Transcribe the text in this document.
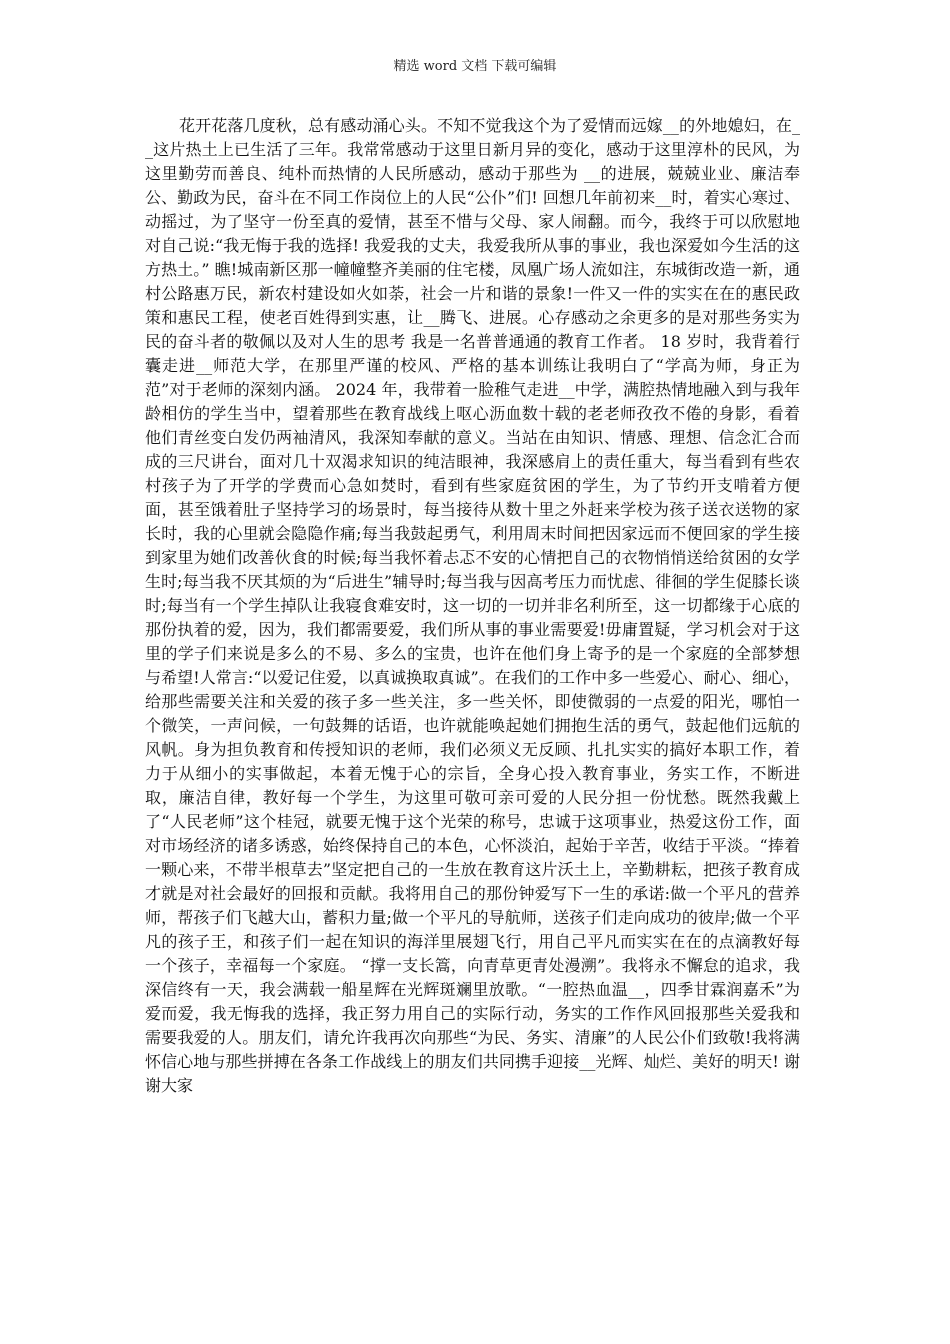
精选 word 文档 下载可编辑

花开花落几度秋，总有感动涌心头。不知不觉我这个为了爱情而远嫁__的外地媳妇，在__这片热土上已生活了三年。我常常感动于这里日新月异的变化，感动于这里淳朴的民风，为这里勤劳而善良、纯朴而热情的人民所感动，感动于那些为 __的进展，兢兢业业、廉洁奉公、勤政为民，奋斗在不同工作岗位上的人民“公仆”们! 回想几年前初来__时，着实心寒过、动摇过，为了坚守一份至真的爱情，甚至不惜与父母、家人闹翻。而今，我终于可以欣慰地对自己说:“我无悔于我的选择! 我爱我的丈夫，我爱我所从事的事业，我也深爱如今生活的这方热土。” 瞧!城南新区那一幢幢整齐美丽的住宅楼，凤凰广场人流如注，东城街改造一新，通村公路惠万民，新农村建设如火如荼，社会一片和谐的景象!一件又一件的实实在在的惠民政策和惠民工程，使老百姓得到实惠，让__腾飞、进展。心存感动之余更多的是对那些务实为民的奋斗者的敬佩以及对人生的思考 我是一名普普通通的教育工作者。 18 岁时，我背着行囊走进__师范大学，在那里严谨的校风、严格的基本训练让我明白了“学高为师，身正为范”对于老师的深刻内涵。 2024 年，我带着一脸稚气走进__中学，满腔热情地融入到与我年龄相仿的学生当中，望着那些在教育战线上呕心沥血数十载的老老师孜孜不倦的身影，看着他们青丝变白发仍两袖清风，我深知奉献的意义。当站在由知识、情感、理想、信念汇合而成的三尺讲台，面对几十双渴求知识的纯洁眼神，我深感肩上的责任重大，每当看到有些农村孩子为了开学的学费而心急如焚时，看到有些家庭贫困的学生，为了节约开支啃着方便面，甚至饿着肚子坚持学习的场景时，每当接待从数十里之外赶来学校为孩子送衣送物的家长时，我的心里就会隐隐作痛;每当我鼓起勇气，利用周末时间把因家远而不便回家的学生接到家里为她们改善伙食的时候;每当我怀着忐忑不安的心情把自己的衣物悄悄送给贫困的女学生时;每当我不厌其烦的为“后进生”辅导时;每当我与因高考压力而忧虑、徘徊的学生促膝长谈时;每当有一个学生掉队让我寝食难安时，这一切的一切并非名利所至，这一切都缘于心底的那份执着的爱，因为，我们都需要爱，我们所从事的事业需要爱!毋庸置疑，学习机会对于这里的学子们来说是多么的不易、多么的宝贵，也许在他们身上寄予的是一个家庭的全部梦想与希望!人常言:“以爱记住爱，以真诚换取真诚”。在我们的工作中多一些爱心、耐心、细心，给那些需要关注和关爱的孩子多一些关注，多一些关怀，即使微弱的一点爱的阳光，哪怕一个微笑，一声问候，一句鼓舞的话语，也许就能唤起她们拥抱生活的勇气，鼓起他们远航的风帆。身为担负教育和传授知识的老师，我们必须义无反顾、扎扎实实的搞好本职工作，着力于从细小的实事做起，本着无愧于心的宗旨，全身心投入教育事业，务实工作，不断进取，廉洁自律，教好每一个学生，为这里可敬可亲可爱的人民分担一份忧愁。既然我戴上了“人民老师”这个桂冠，就要无愧于这个光荣的称号，忠诚于这项事业，热爱这份工作，面对市场经济的诸多诱惑，始终保持自己的本色，心怀淡泊，起始于辛苦，收结于平淡。“捧着一颗心来，不带半根草去”坚定把自己的一生放在教育这片沃土上，辛勤耕耘，把孩子教育成才就是对社会最好的回报和贡献。我将用自己的那份钟爱写下一生的承诺:做一个平凡的营养师，帮孩子们飞越大山，蓄积力量;做一个平凡的导航师，送孩子们走向成功的彼岸;做一个平凡的孩子王，和孩子们一起在知识的海洋里展翅飞行，用自己平凡而实实在在的点滴教好每一个孩子，幸福每一个家庭。 “撑一支长篙，向青草更青处漫溯”。我将永不懈怠的追求，我深信终有一天，我会满载一船星辉在光辉斑斓里放歌。“一腔热血温__，四季甘霖润嘉禾”为爱而爱，我无悔我的选择，我正努力用自己的实际行动，务实的工作作风回报那些关爱我和需要我爱的人。朋友们，请允许我再次向那些“为民、务实、清廉”的人民公仆们致敬!我将满怀信心地与那些拼搏在各条工作战线上的朋友们共同携手迎接__光辉、灿烂、美好的明天! 谢谢大家
